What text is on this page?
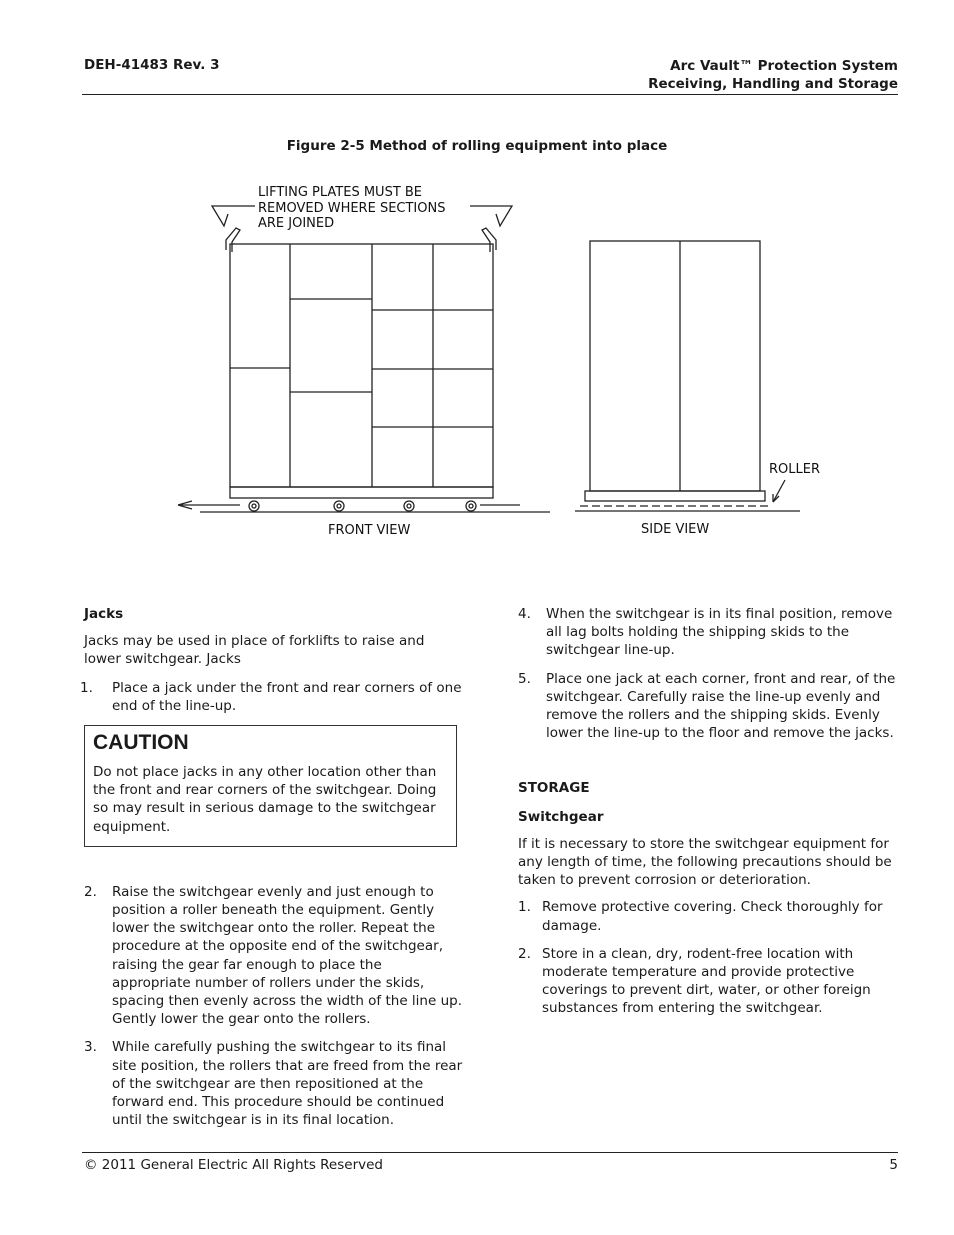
DEH-41483 Rev. 3	Arc Vault™ Protection System
Receiving, Handling and Storage
Figure 2-5 Method of rolling equipment into place
LIFTING PLATES MUST BE
REMOVED WHERE SECTIONS
ARE JOINED
ROLLER
FRONT VIEW	SIDE VIEW

Jacks

Jacks may be used in place of forklifts to raise and lower switchgear. Jacks

1. Place a jack under the front and rear corners of one end of the line-up.
CAUTION

Do not place jacks in any other location other than the front and rear corners of the switchgear. Doing so may result in serious damage to the switchgear equipment.

2. Raise the switchgear evenly and just enough to position a roller beneath the equipment. Gently lower the switchgear onto the roller. Repeat the procedure at the opposite end of the switchgear, raising the gear far enough to place the appropriate number of rollers under the skids, spacing then evenly across the width of the line up. Gently lower the gear onto the rollers.
3. While carefully pushing the switchgear to its final site position, the rollers that are freed from the rear of the switchgear are then repositioned at the forward end. This procedure should be continued until the switchgear is in its final location.
4. When the switchgear is in its final position, remove all lag bolts holding the shipping skids to the switchgear line-up.
5. Place one jack at each corner, front and rear, of the switchgear. Carefully raise the line-up evenly and remove the rollers and the shipping skids. Evenly lower the line-up to the floor and remove the jacks.

STORAGE

Switchgear

If it is necessary to store the switchgear equipment for any length of time, the following precautions should be taken to prevent corrosion or deterioration.

1. Remove protective covering. Check thoroughly for damage.
2. Store in a clean, dry, rodent-free location with moderate temperature and provide protective coverings to prevent dirt, water, or other foreign substances from entering the switchgear.
© 2011 General Electric All Rights Reserved	5
